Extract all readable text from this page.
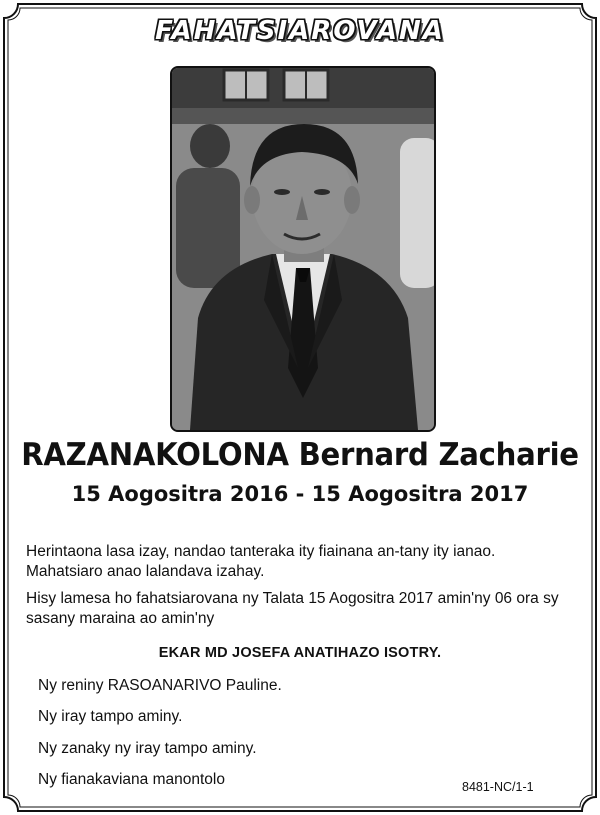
FAHATSIAROVANA
RAZANAKOLONA Bernard Zacharie
15 Aogositra 2016 - 15 Aogositra 2017
Herintaona lasa izay, nandao tanteraka ity fiainana an-tany ity ianao.
Mahatsiaro anao lalandava izahay.
Hisy lamesa ho fahatsiarovana ny Talata 15 Aogositra 2017 amin'ny 06 ora sy sasany maraina ao amin'ny
EKAR MD JOSEFA ANATIHAZO ISOTRY.
Ny reniny RASOANARIVO Pauline.
Ny iray tampo aminy.
Ny zanaky ny iray tampo aminy.
Ny fianakaviana manontolo	8481-NC/1-1
